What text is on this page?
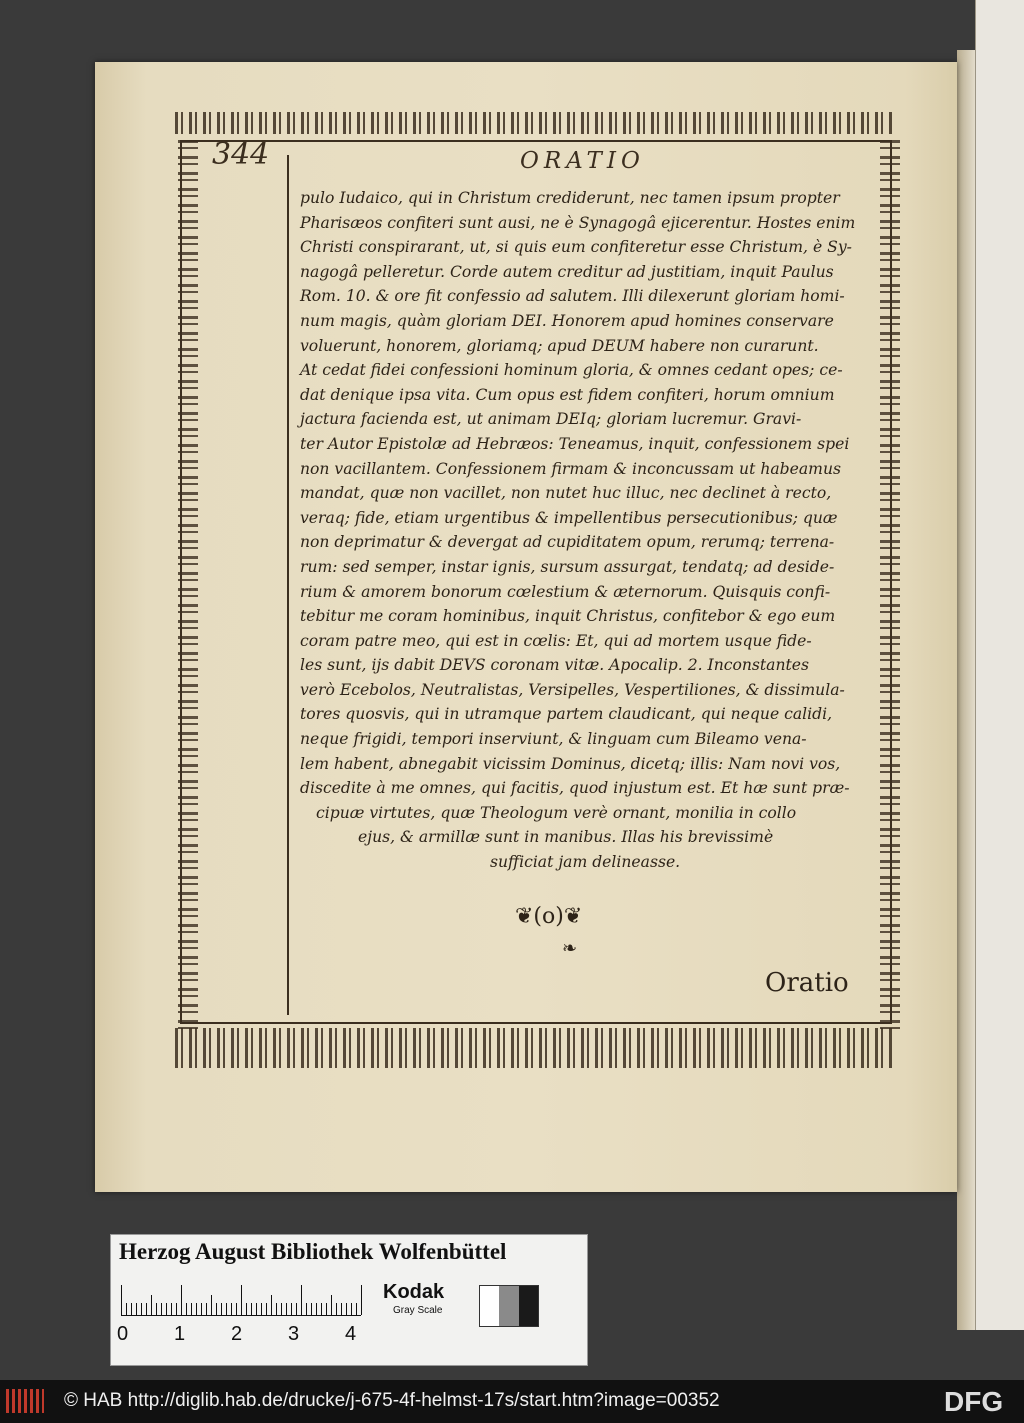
344	ORATIO
pulo Iudaico, qui in Christum crediderunt, nec tamen ipsum propter
Pharisæos confiteri sunt ausi, ne è Synagogâ ejicerentur. Hostes enim
Christi conspirarant, ut, si quis eum confiteretur esse Christum, è Sy-
nagogâ pelleretur. Corde autem creditur ad justitiam, inquit Paulus
Rom. 10. & ore fit confessio ad salutem. Illi dilexerunt gloriam homi-
num magis, quàm gloriam DEI. Honorem apud homines conservare
voluerunt, honorem, gloriamq; apud DEUM habere non curarunt.
At cedat fidei confessioni hominum gloria, & omnes cedant opes; ce-
dat denique ipsa vita. Cum opus est fidem confiteri, horum omnium
jactura facienda est, ut animam DEIq; gloriam lucremur. Gravi-
ter Autor Epistolæ ad Hebræos: Teneamus, inquit, confessionem spei
non vacillantem. Confessionem firmam & inconcussam ut habeamus
mandat, quæ non vacillet, non nutet huc illuc, nec declinet à recto,
veraq; fide, etiam urgentibus & impellentibus persecutionibus; quæ
non deprimatur & devergat ad cupiditatem opum, rerumq; terrena-
rum: sed semper, instar ignis, sursum assurgat, tendatq; ad deside-
rium & amorem bonorum cœlestium & æternorum. Quisquis confi-
tebitur me coram hominibus, inquit Christus, confitebor & ego eum
coram patre meo, qui est in cœlis: Et, qui ad mortem usque fide-
les sunt, ijs dabit DEVS coronam vitæ. Apocalip. 2. Inconstantes
verò Ecebolos, Neutralistas, Versipelles, Vespertiliones, & dissimula-
tores quosvis, qui in utramque partem claudicant, qui neque calidi,
neque frigidi, tempori inserviunt, & linguam cum Bileamo vena-
lem habent, abnegabit vicissim Dominus, dicetq; illis: Nam novi vos,
discedite à me omnes, qui facitis, quod injustum est. Et hæ sunt præ-
cipuæ virtutes, quæ Theologum verè ornant, monilia in collo
ejus, & armillæ sunt in manibus. Illas his brevissimè
sufficiat jam delineasse.
❦(o)❦
❧
Oratio
Herzog August Bibliothek Wolfenbüttel
0 1 2 3 4
Kodak
Gray Scale
© HAB http://diglib.hab.de/drucke/j-675-4f-helmst-17s/start.htm?image=00352	DFG
